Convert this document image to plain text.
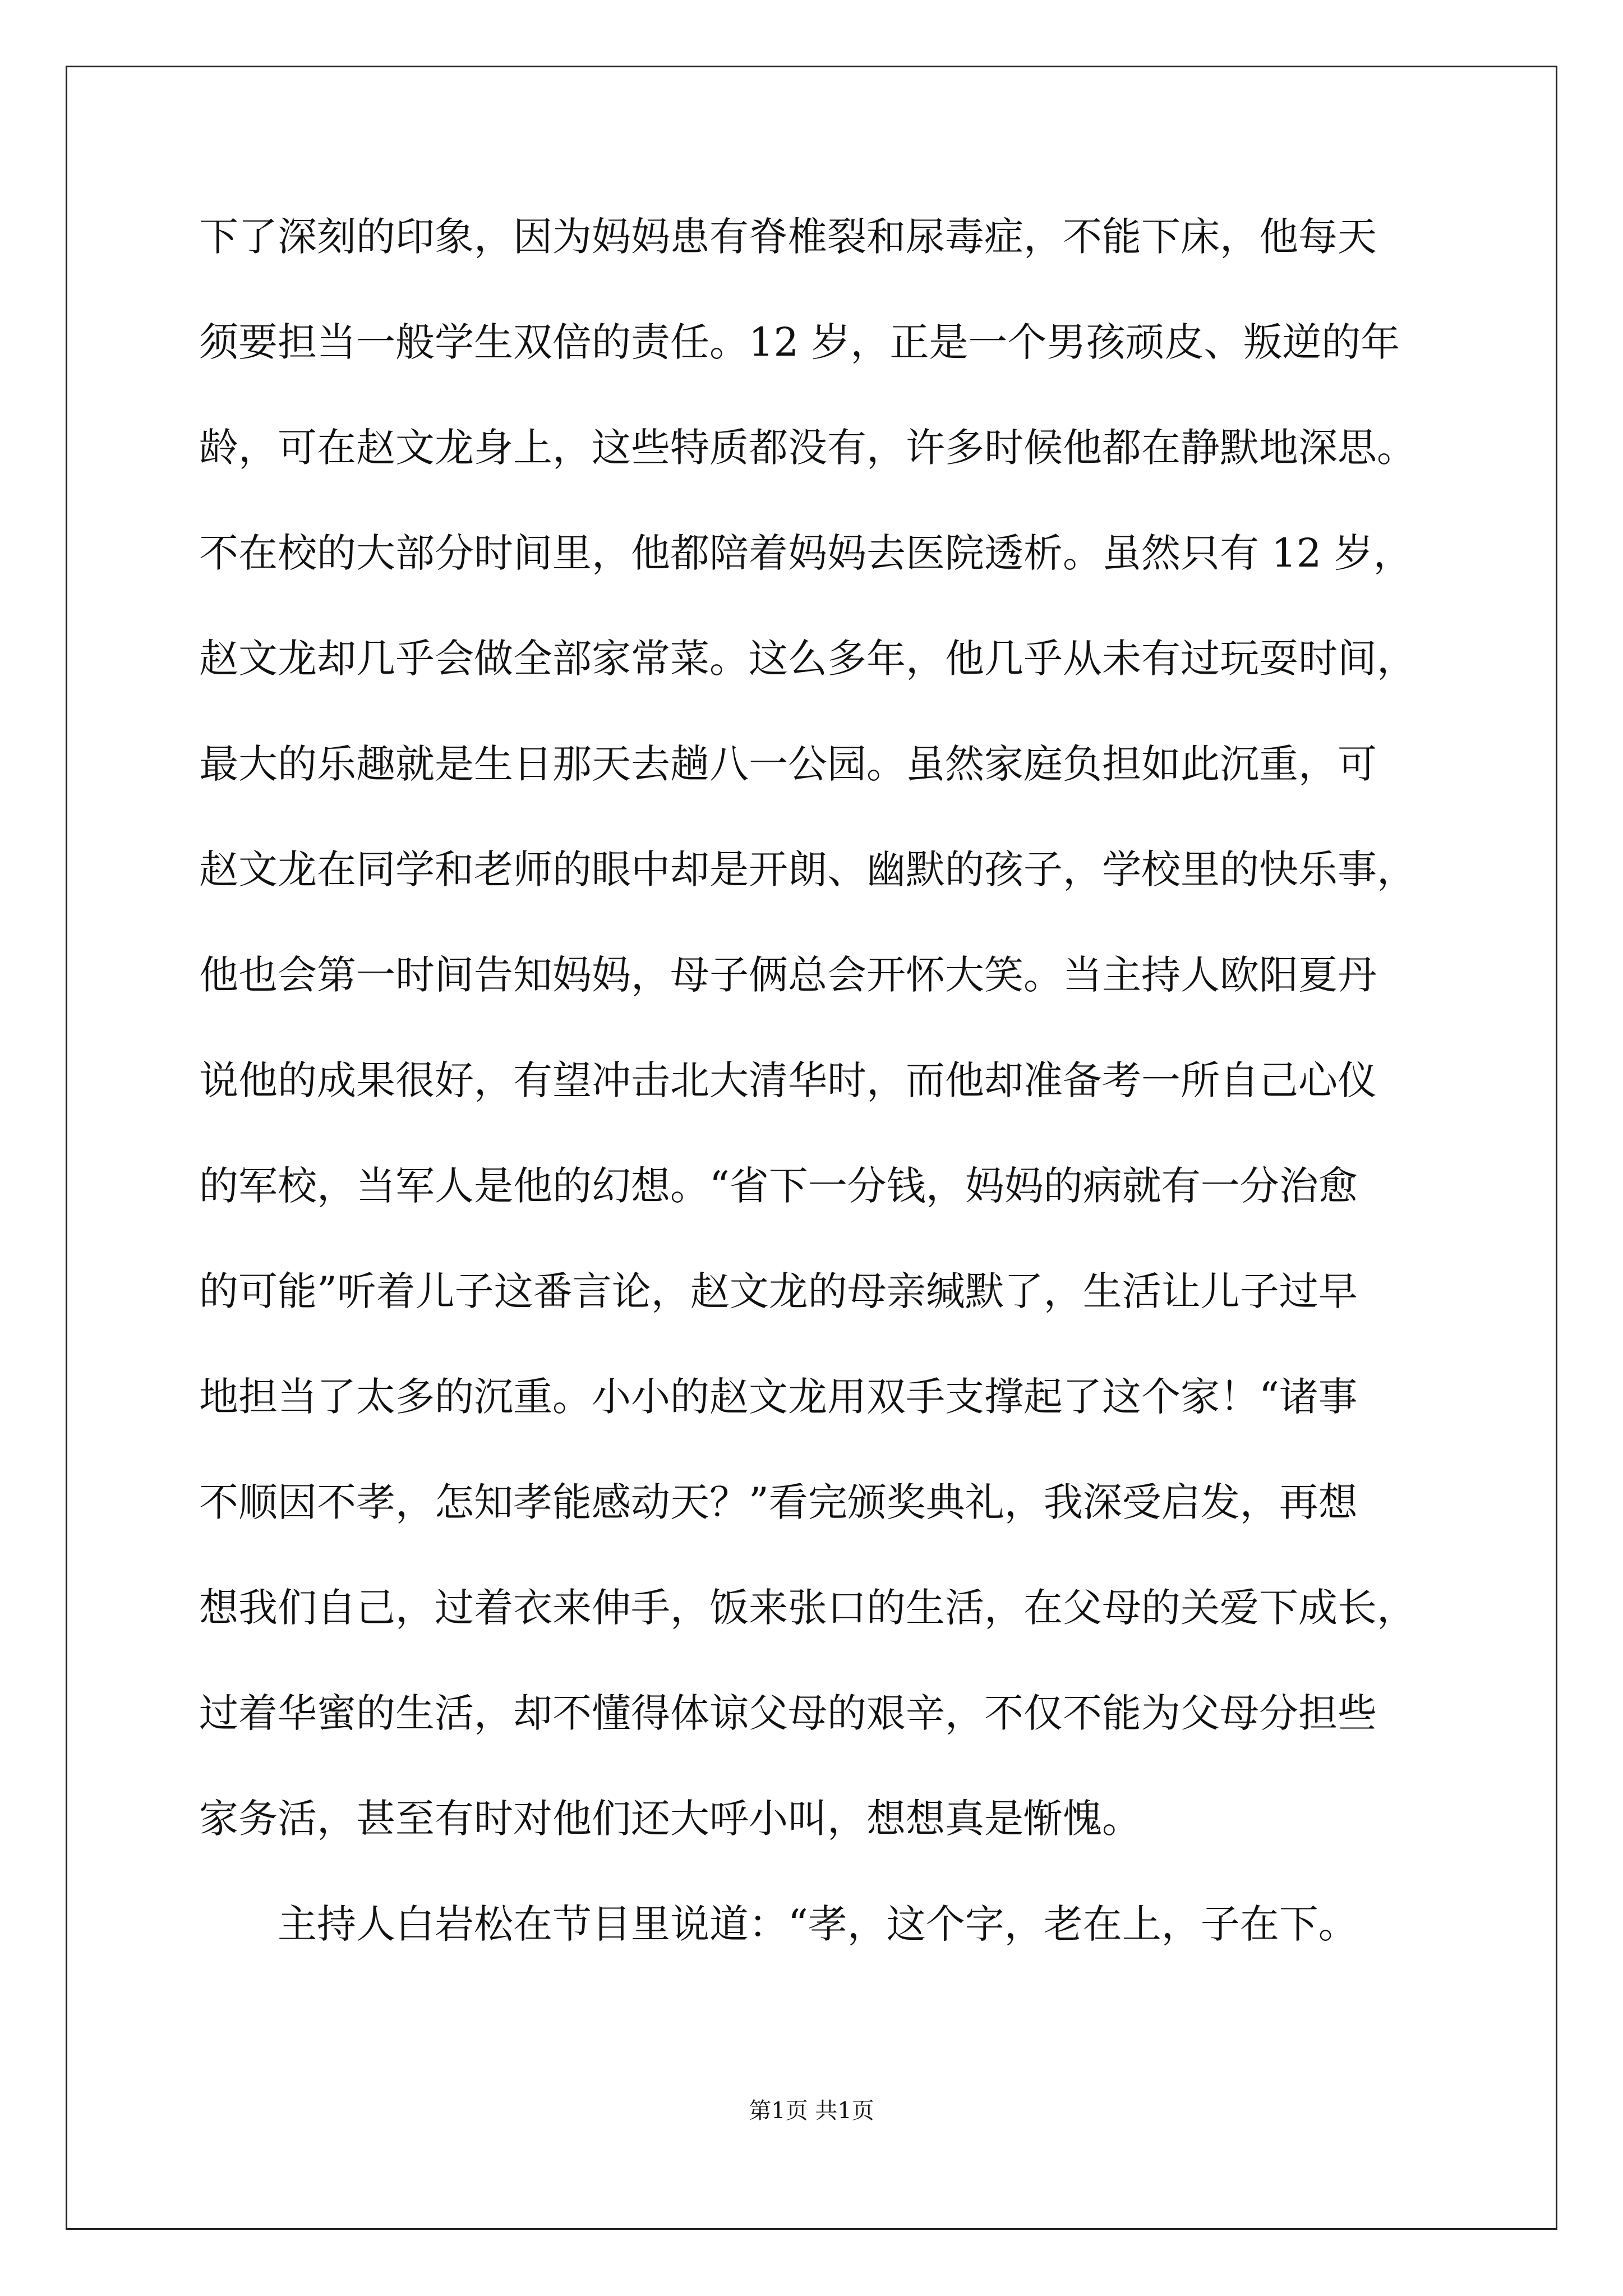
下了深刻的印象，因为妈妈患有脊椎裂和尿毒症，不能下床，他每天
须要担当一般学生双倍的责任。12 岁，正是一个男孩顽皮、叛逆的年
龄，可在赵文龙身上，这些特质都没有，许多时候他都在静默地深思。
不在校的大部分时间里，他都陪着妈妈去医院透析。虽然只有 12 岁，
赵文龙却几乎会做全部家常菜。这么多年，他几乎从未有过玩耍时间，
最大的乐趣就是生日那天去趟八一公园。虽然家庭负担如此沉重，可
赵文龙在同学和老师的眼中却是开朗、幽默的孩子，学校里的快乐事，
他也会第一时间告知妈妈，母子俩总会开怀大笑。当主持人欧阳夏丹
说他的成果很好，有望冲击北大清华时，而他却准备考一所自己心仪
的军校，当军人是他的幻想。“省下一分钱，妈妈的病就有一分治愈
的可能”听着儿子这番言论，赵文龙的母亲缄默了，生活让儿子过早
地担当了太多的沉重。小小的赵文龙用双手支撑起了这个家！“诸事
不顺因不孝，怎知孝能感动天？”看完颁奖典礼，我深受启发，再想
想我们自己，过着衣来伸手，饭来张口的生活，在父母的关爱下成长，
过着华蜜的生活，却不懂得体谅父母的艰辛，不仅不能为父母分担些
家务活，甚至有时对他们还大呼小叫，想想真是惭愧。
主持人白岩松在节目里说道：“孝，这个字，老在上，子在下。
第1页 共1页
